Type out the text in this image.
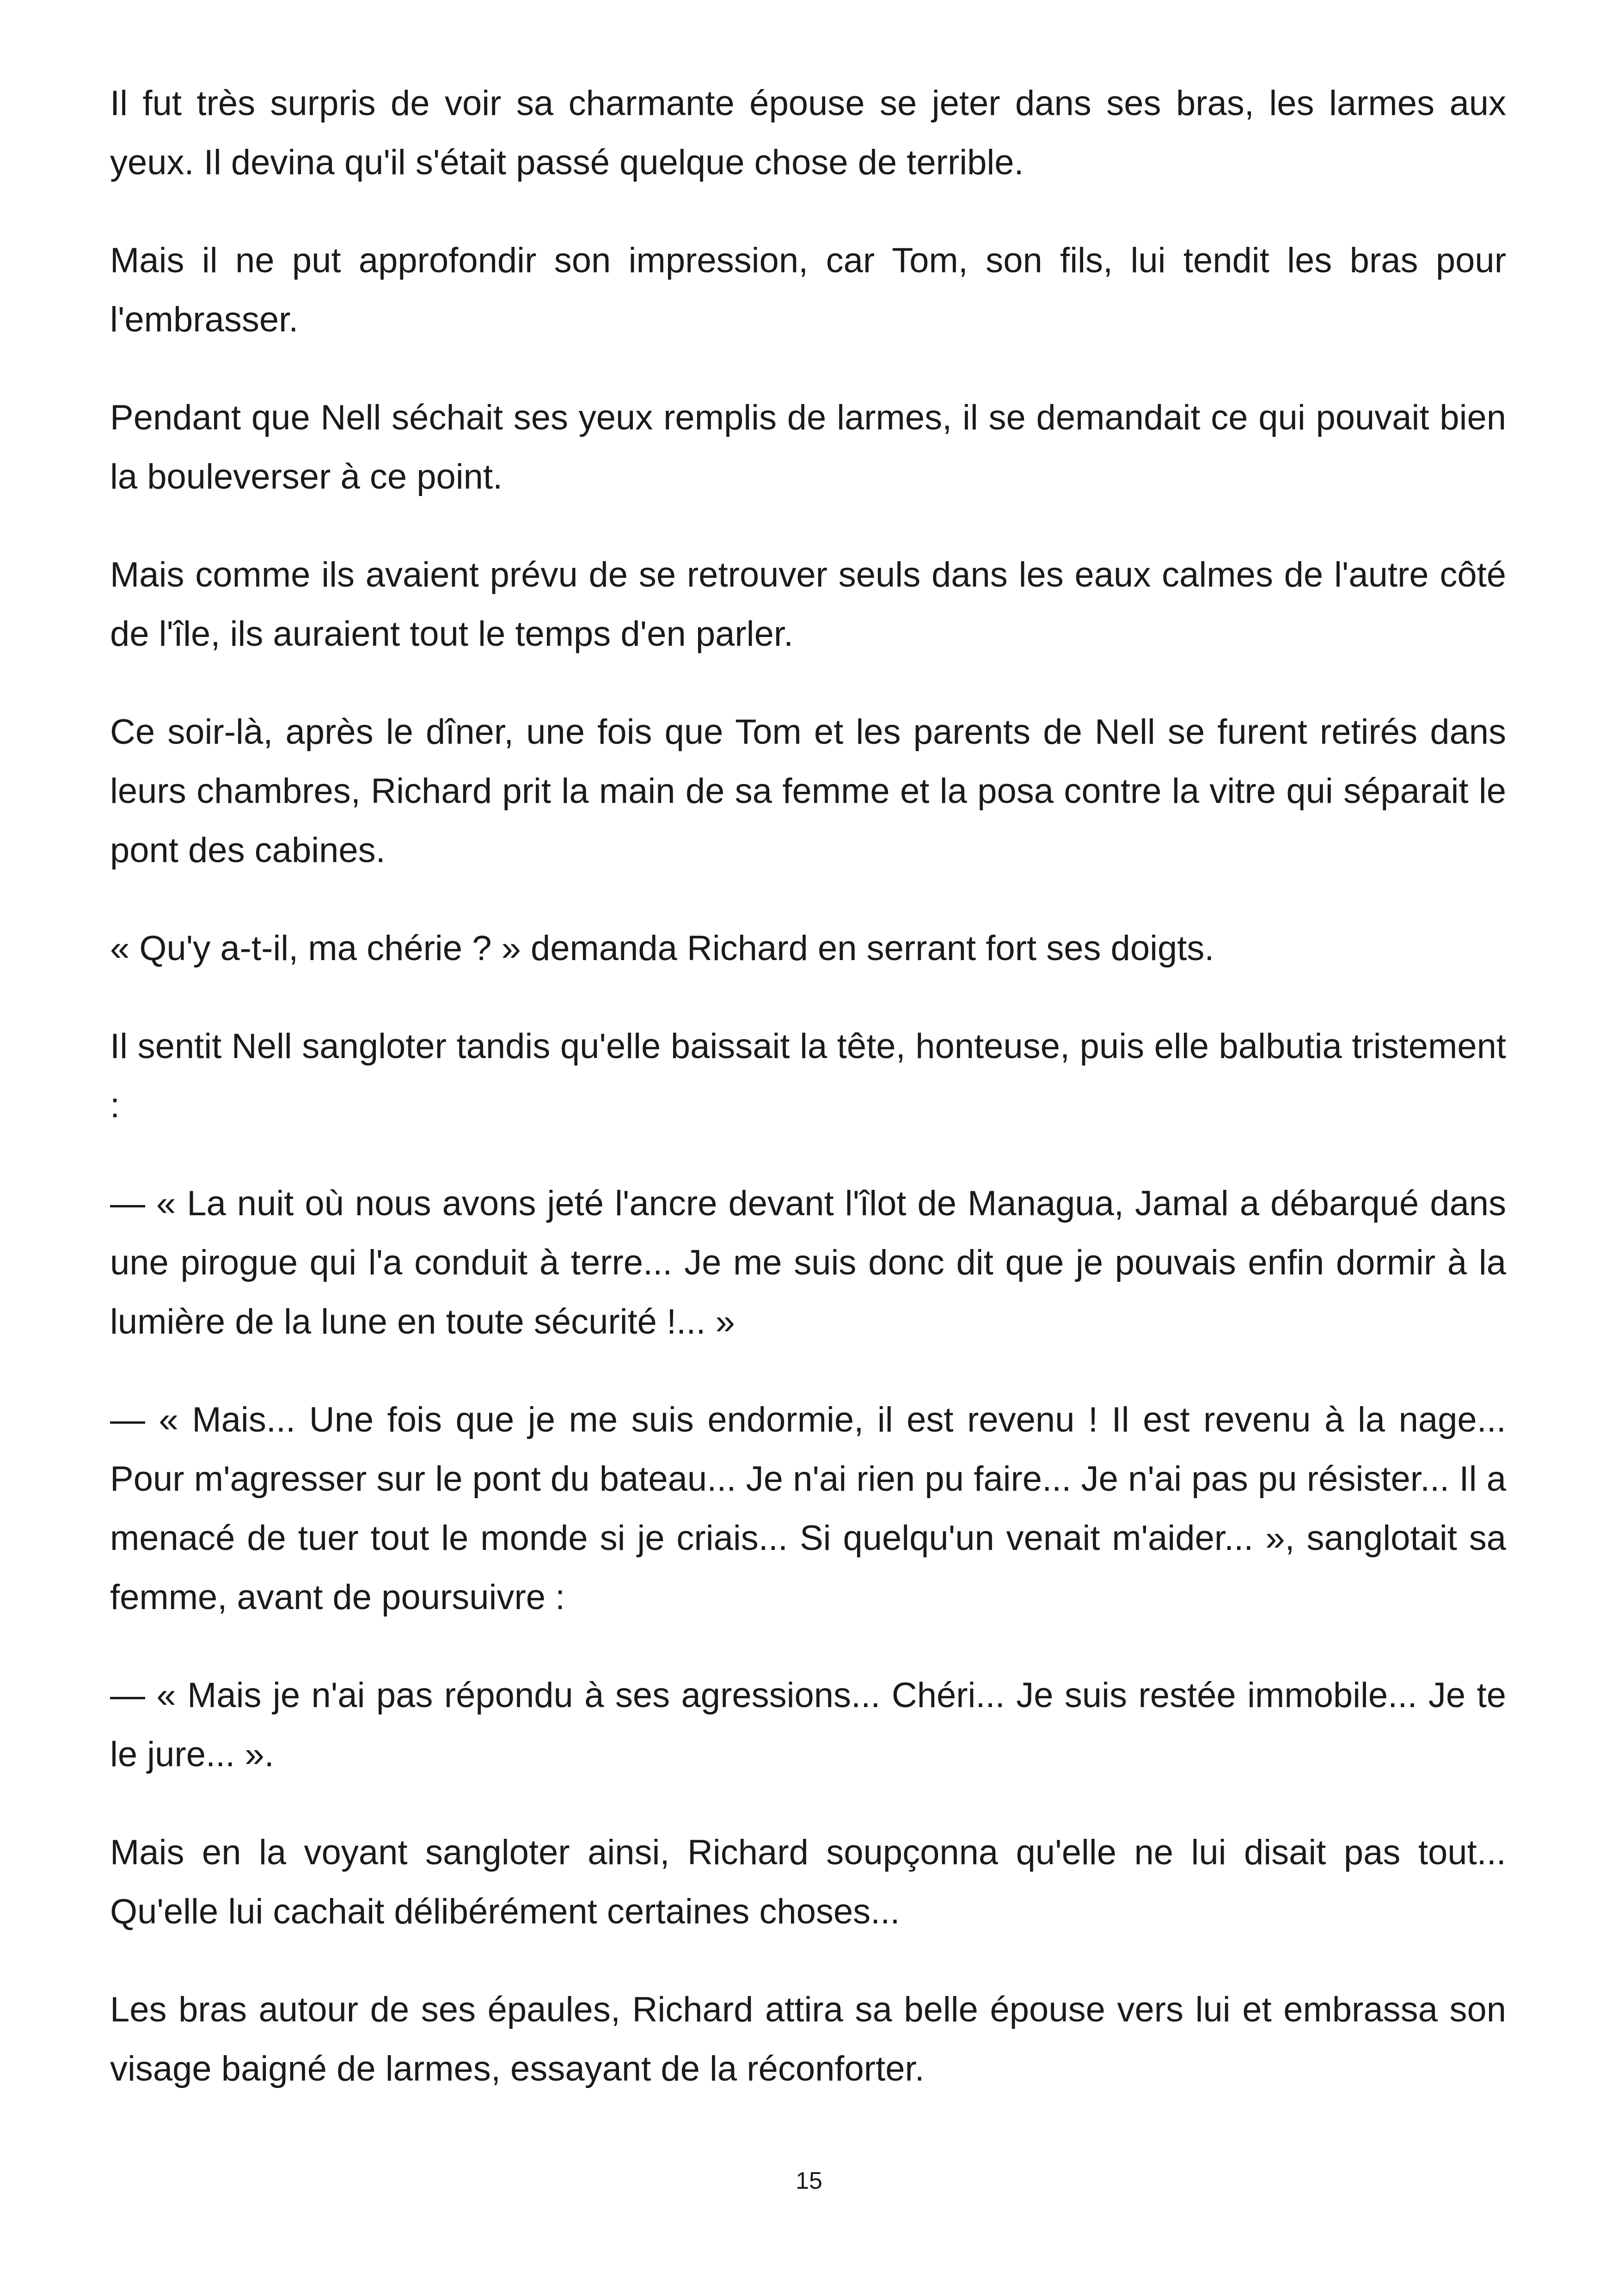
Il fut très surpris de voir sa charmante épouse se jeter dans ses bras, les larmes aux yeux. Il devina qu'il s'était passé quelque chose de terrible.

Mais il ne put approfondir son impression, car Tom, son fils, lui tendit les bras pour l'embrasser.

Pendant que Nell séchait ses yeux remplis de larmes, il se demandait ce qui pouvait bien la bouleverser à ce point.

Mais comme ils avaient prévu de se retrouver seuls dans les eaux calmes de l'autre côté de l'île, ils auraient tout le temps d'en parler.

Ce soir-là, après le dîner, une fois que Tom et les parents de Nell se furent retirés dans leurs chambres, Richard prit la main de sa femme et la posa contre la vitre qui séparait le pont des cabines.

« Qu'y a-t-il, ma chérie ? » demanda Richard en serrant fort ses doigts.

Il sentit Nell sangloter tandis qu'elle baissait la tête, honteuse, puis elle balbutia tristement :

— « La nuit où nous avons jeté l'ancre devant l'îlot de Managua, Jamal a débarqué dans une pirogue qui l'a conduit à terre... Je me suis donc dit que je pouvais enfin dormir à la lumière de la lune en toute sécurité !... »

— « Mais... Une fois que je me suis endormie, il est revenu ! Il est revenu à la nage... Pour m'agresser sur le pont du bateau... Je n'ai rien pu faire... Je n'ai pas pu résister... Il a menacé de tuer tout le monde si je criais... Si quelqu'un venait m'aider... », sanglotait sa femme, avant de poursuivre :

— « Mais je n'ai pas répondu à ses agressions... Chéri... Je suis restée immobile... Je te le jure... ».

Mais en la voyant sangloter ainsi, Richard soupçonna qu'elle ne lui disait pas tout... Qu'elle lui cachait délibérément certaines choses...

Les bras autour de ses épaules, Richard attira sa belle épouse vers lui et embrassa son visage baigné de larmes, essayant de la réconforter.

15
